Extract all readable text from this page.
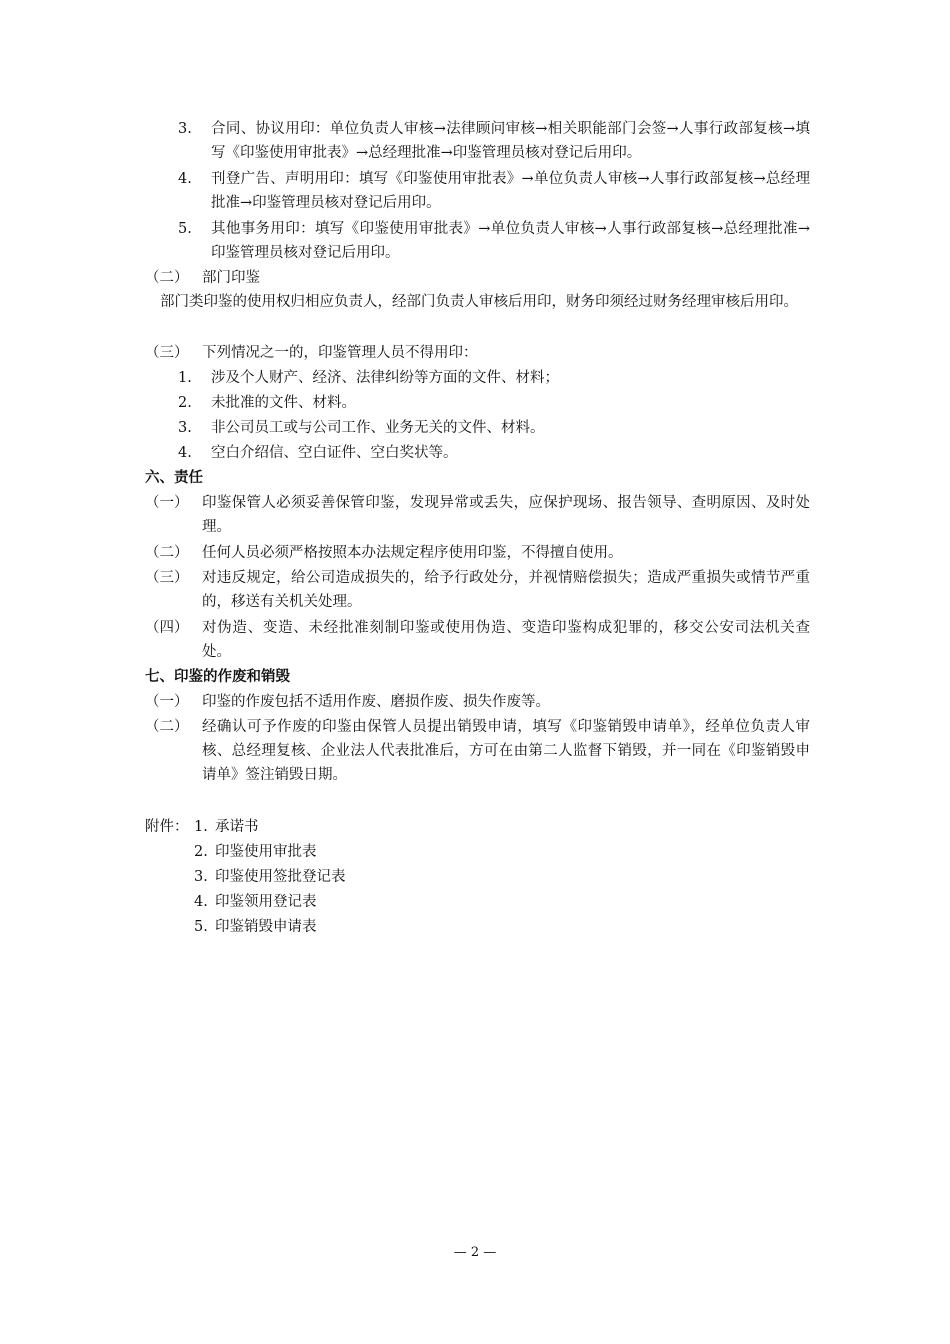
3. 合同、协议用印：单位负责人审核→法律顾问审核→相关职能部门会签→人事行政部复核→填写《印鉴使用审批表》→总经理批准→印鉴管理员核对登记后用印。
4. 刊登广告、声明用印：填写《印鉴使用审批表》→单位负责人审核→人事行政部复核→总经理批准→印鉴管理员核对登记后用印。
5. 其他事务用印：填写《印鉴使用审批表》→单位负责人审核→人事行政部复核→总经理批准→印鉴管理员核对登记后用印。
（二） 部门印鉴
部门类印鉴的使用权归相应负责人，经部门负责人审核后用印，财务印须经过财务经理审核后用印。
（三） 下列情况之一的，印鉴管理人员不得用印：
1. 涉及个人财产、经济、法律纠纷等方面的文件、材料；
2. 未批准的文件、材料。
3. 非公司员工或与公司工作、业务无关的文件、材料。
4. 空白介绍信、空白证件、空白奖状等。
六、责任
（一） 印鉴保管人必须妥善保管印鉴，发现异常或丢失，应保护现场、报告领导、查明原因、及时处理。
（二） 任何人员必须严格按照本办法规定程序使用印鉴，不得擅自使用。
（三） 对违反规定，给公司造成损失的，给予行政处分，并视情赔偿损失；造成严重损失或情节严重的，移送有关机关处理。
（四） 对伪造、变造、未经批准刻制印鉴或使用伪造、变造印鉴构成犯罪的，移交公安司法机关查处。
七、印鉴的作废和销毁
（一） 印鉴的作废包括不适用作废、磨损作废、损失作废等。
（二） 经确认可予作废的印鉴由保管人员提出销毁申请，填写《印鉴销毁申请单》，经单位负责人审核、总经理复核、企业法人代表批准后，方可在由第二人监督下销毁，并一同在《印鉴销毁申请单》签注销毁日期。
附件： 1. 承诺书
2. 印鉴使用审批表
3. 印鉴使用签批登记表
4. 印鉴领用登记表
5. 印鉴销毁申请表
— 2 —
